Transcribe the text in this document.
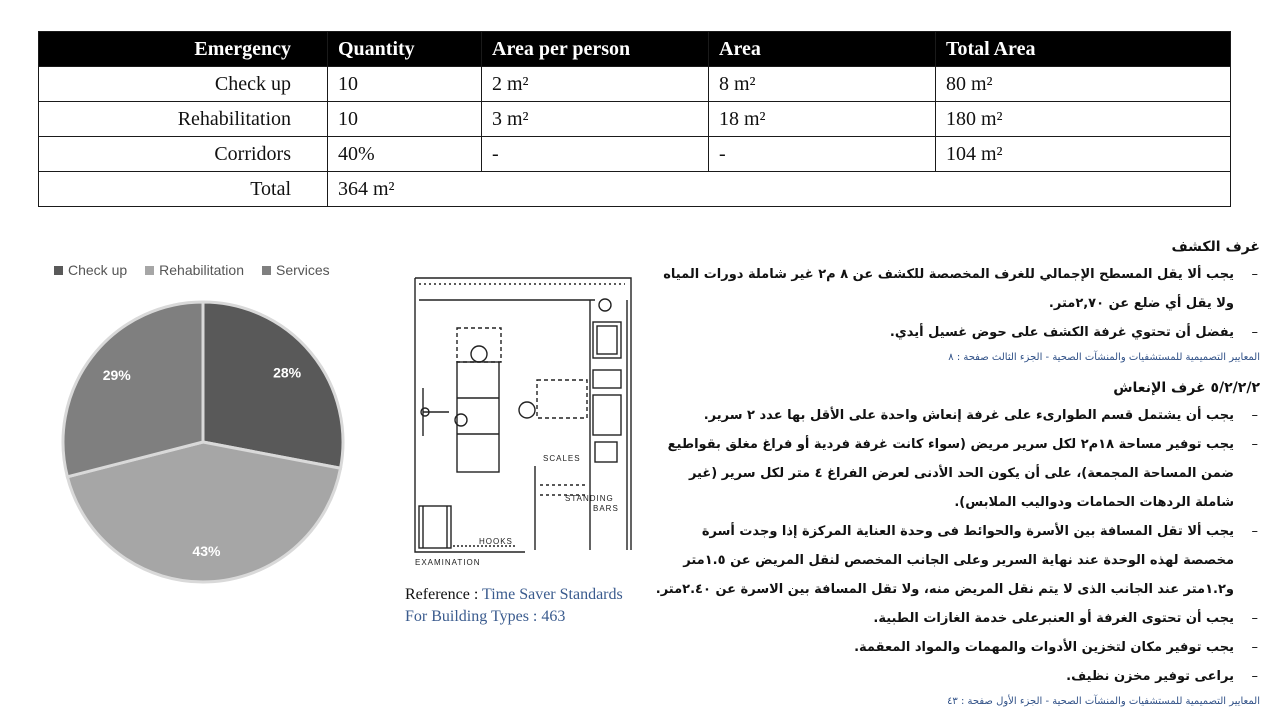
Emergency	Quantity	Area per person	Area	Total Area
Check up	10	2 m²	8 m²	80 m²
Rehabilitation	10	3 m²	18 m²	180 m²
Corridors	40%	-	-	104 m²
Total	364 m²			
Check up Rehabilitation Services
28%
43%
29%
SCALES
STANDING
BARS
HOOKS
EXAMINATION
Reference : Time Saver Standards
For Building Types : 463
غرف الكشف
– يجب ألا يقل المسطح الإجمالي للغرف المخصصة للكشف عن ٨ م٢ غير شاملة دورات المياه ولا يقل أي ضلع عن ٢,٧٠متر.
– يفضل أن تحتوي غرفة الكشف على حوض غسيل أيدي.
المعايير التصميمية للمستشفيات والمنشآت الصحية - الجزء الثالث صفحة : ٨
٥/٢/٢/٢ غرف الإنعاش
– يجب أن يشتمل قسم الطوارىء على غرفة إنعاش واحدة على الأقل بها عدد ٢ سرير.
– يجب توفير مساحة ١٨م٢ لكل سرير مريض (سواء كانت غرفة فردية أو فراغ مغلق بقواطيع ضمن المساحة المجمعة)، على أن يكون الحد الأدنى لعرض الفراغ ٤ متر لكل سرير (غير شاملة الردهات الحمامات ودواليب الملابس).
– يجب ألا تقل المسافة بين الأسرة والحوائط فى وحدة العناية المركزة إذا وجدت أسرة مخصصة لهذه الوحدة عند نهاية السرير وعلى الجانب المخصص لنقل المريض عن ١.٥متر و١.٢متر عند الجانب الذى لا يتم نقل المريض منه، ولا تقل المسافة بين الاسرة عن ٢.٤٠متر.
– يجب أن تحتوى الغرفة أو العنبرعلى خدمة الغازات الطبية.
– يجب توفير مكان لتخزين الأدوات والمهمات والمواد المعقمة.
– يراعى توفير مخزن نظيف.
المعايير التصميمية للمستشفيات والمنشآت الصحية - الجزء الأول صفحة : ٤٣
